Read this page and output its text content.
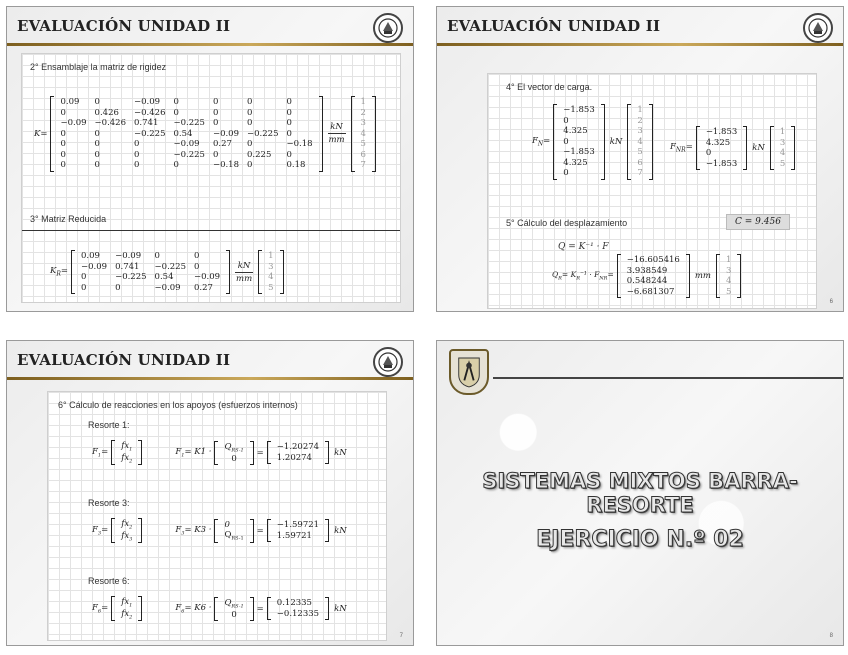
EVALUACIÓN UNIDAD II
2° Ensamblaje la matriz de rigidez
K=
0.09	0	−0.09	0	0	0	0
0	0.426	−0.426	0	0	0	0
−0.09	−0.426	0.741	−0.225	0	0	0
0	0	−0.225	0.54	−0.09	−0.225	0
0	0	0	−0.09	0.27	0	−0.18
0	0	0	−0.225	0	0.225	0
0	0	0	0	−0.18	0	0.18
kN
mm
1
2
3
4
5
6
7
3° Matriz Reducida
$K_R=$
0.09	−0.09	0	0
−0.09	0.741	−0.225	0
0	−0.225	0.54	−0.09
0	0	−0.09	0.27
kN
mm
1
3
4
5
EVALUACIÓN UNIDAD II
4° El vector de carga.
$F_N=$
−1.853
0
4.325
0
−1.853
4.325
0
kN
1
2
3
4
5
6
7
$F_{NR}=$
−1.853
4.325
0
−1.853
kN
1
3
4
5
5° Cálculo del desplazamiento	C = 9.456
Q = K⁻¹ · F
$Q_R= K_R^{-1} \cdot F_{NR}=$
−16.605416
3.938549
0.548244
−6.681307
mm
1
3
4
5
6
EVALUACIÓN UNIDAD II
6° Cálculo de reacciones en los apoyos (esfuerzos internos)
Resorte 1:
$F_1=$
$fx_1$
$fx_2$
$F_1= K1$ ·
$Q_{RS-1}$
0
=
−1.20274
1.20274
kN
Resorte 3:
$F_3=$
$fx_2$
$fx_3$
$F_3= K3 \cdot 0$
$Q_{RS-1}$
=
−1.59721
1.59721
kN
Resorte 6:
$F_6=$
$fx_1$
$fx_2$
$F_6= K6$ ·
$Q_{RS-1}$
0
=
0.12335
−0.12335
kN
7
SISTEMAS MIXTOS BARRA- RESORTE
EJERCICIO N.º 02
8
